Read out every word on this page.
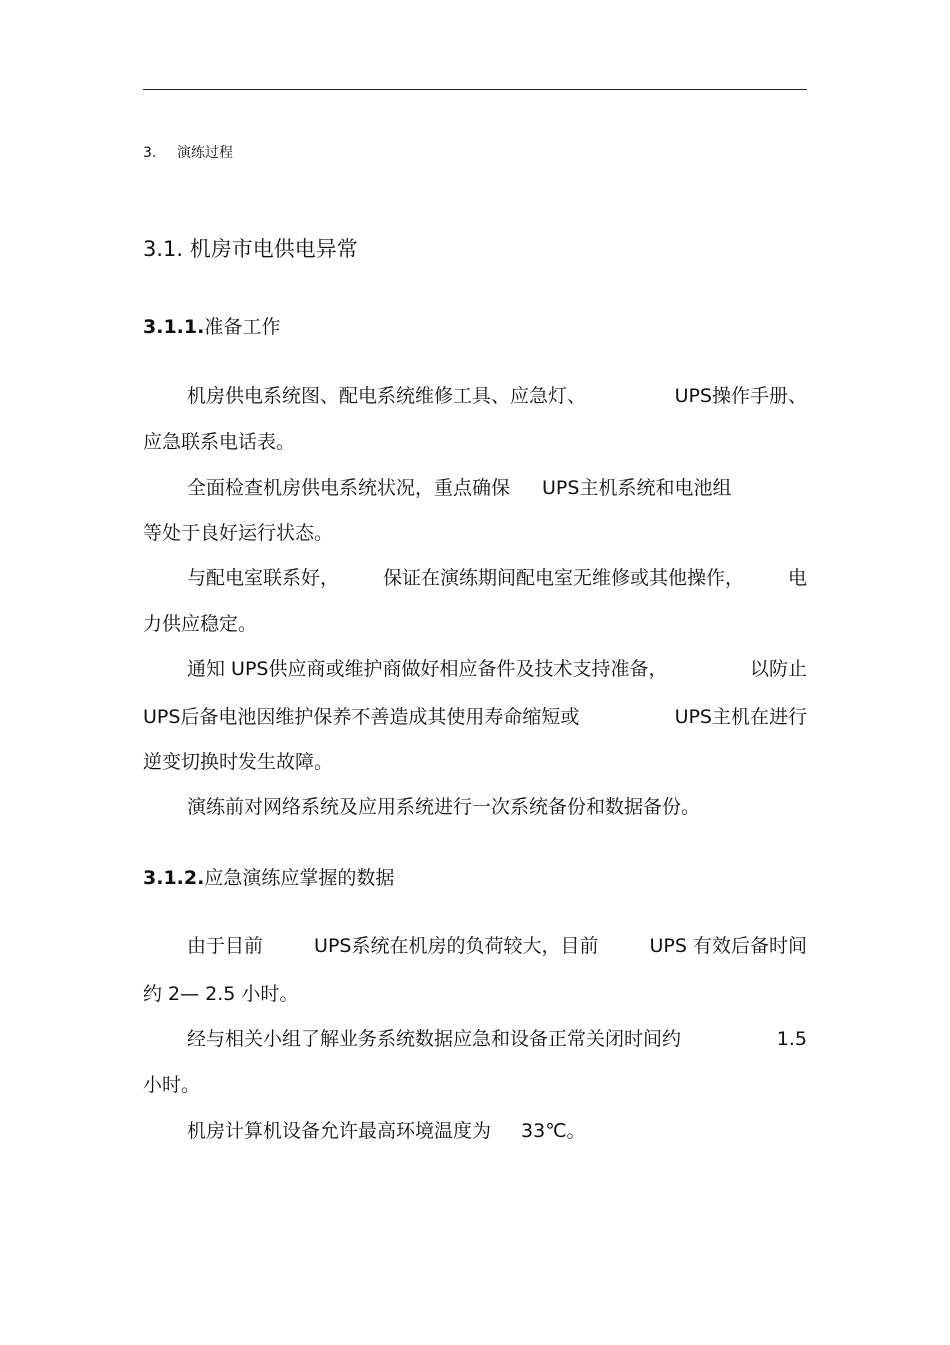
3. 演练过程
3.1. 机房市电供电异常
3.1.1.准备工作
机房供电系统图、配电系统维修工具、应急灯、	UPS操作手册、
应急联系电话表。
全面检查机房供电系统状况，重点确保 UPS主机系统和电池组
等处于良好运行状态。
与配电室联系好， 保证在演练期间配电室无维修或其他操作， 电
力供应稳定。
通知 UPS供应商或维护商做好相应备件及技术支持准备，	以防止
UPS后备电池因维护保养不善造成其使用寿命缩短或	UPS主机在进行
逆变切换时发生故障。
演练前对网络系统及应用系统进行一次系统备份和数据备份。
3.1.2.应急演练应掌握的数据
由于目前	UPS系统在机房的负荷较大，目前	UPS 有效后备时间
约 2— 2.5 小时。
经与相关小组了解业务系统数据应急和设备正常关闭时间约	1.5
小时。
机房计算机设备允许最高环境温度为 33℃。
